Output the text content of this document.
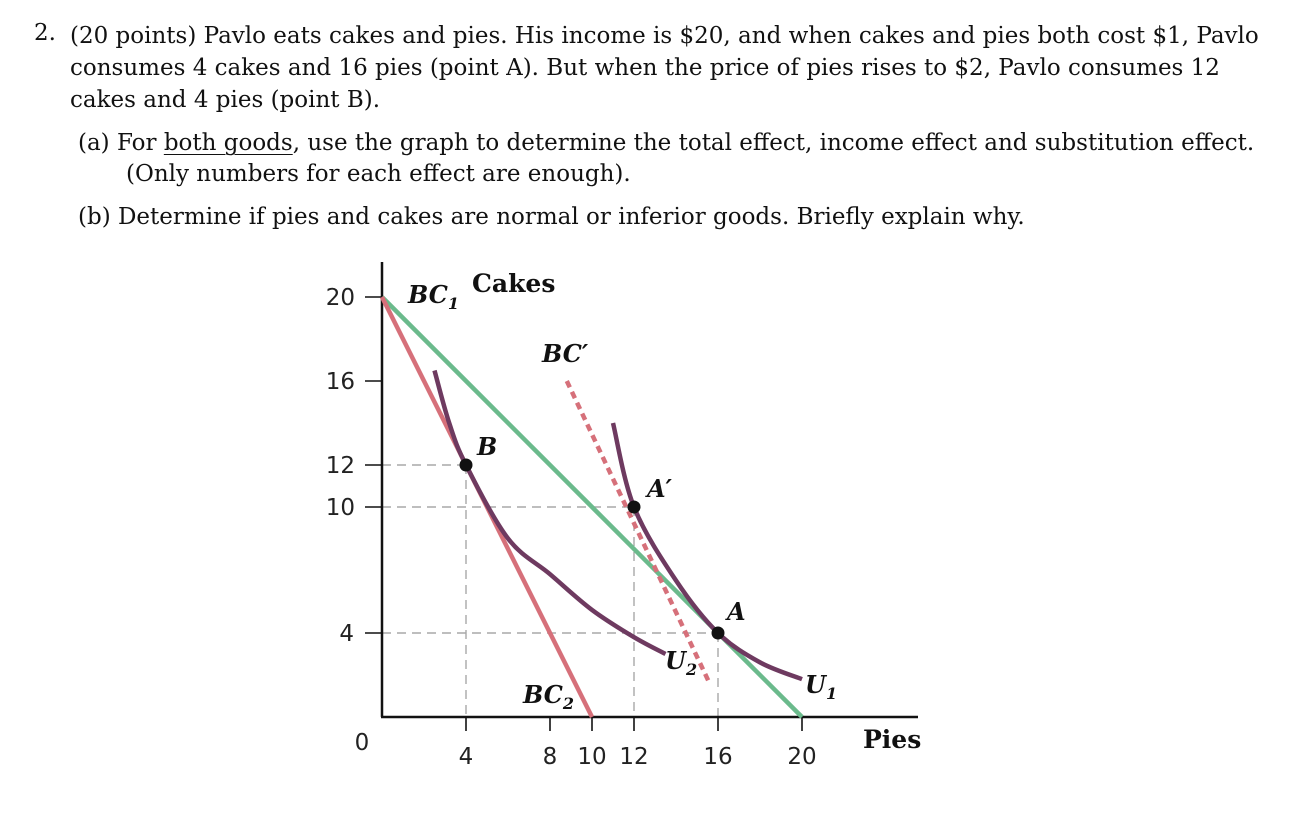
2. (20 points) Pavlo eats cakes and pies. His income is $20, and when cakes and pies both cost $1, Pavlo
consumes 4 cakes and 16 pies (point A). But when the price of pies rises to $2, Pavlo consumes 12
cakes and 4 pies (point B).
(a) For both goods, use the graph to determine the total effect, income effect and substitution effect.
(Only numbers for each effect are enough).
(b) Determine if pies and cakes are normal or inferior goods. Briefly explain why.
0
4
10
12
16
20
4	8 10 12 16 20
Cakes
Pies
$BC_1$
$BC_2$
BC′
$U_1$
$U_2$
A
A′
B
